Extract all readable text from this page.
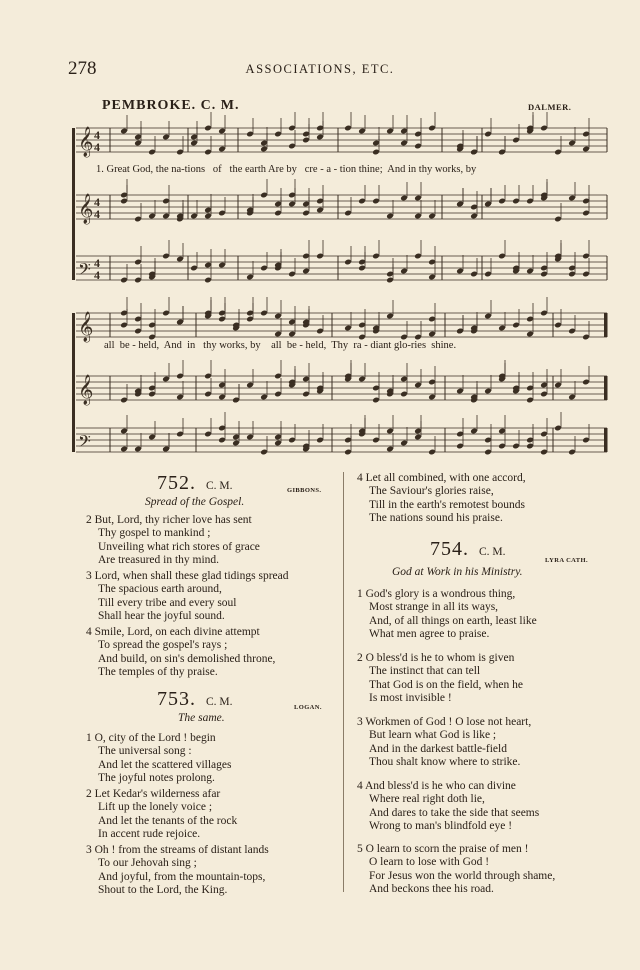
278	ASSOCIATIONS, ETC.
PEMBROKE. C. M.	DALMER.
𝄞 4
4
𝄞 4
4
𝄢 4
4
𝄞
𝄞
𝄢
1. Great God, the na-tions   of   the earth Are by   cre - a - tion thine;  And in thy works, by
all  be - held,  And  in   thy works, by    all  be - held,  Thy  ra - diant glo-ries  shine.
752. C. M.	GIBBONS.
Spread of the Gospel.
2 But, Lord, thy richer love has sent
Thy gospel to mankind ;
Unveiling what rich stores of grace
Are treasured in thy mind.
3 Lord, when shall these glad tidings spread
The spacious earth around,
Till every tribe and every soul
Shall hear the joyful sound.
4 Smile, Lord, on each divine attempt
To spread the gospel's rays ;
And build, on sin's demolished throne,
The temples of thy praise.
753. C. M.	LOGAN.
The same.
1 O, city of the Lord ! begin
The universal song :
And let the scattered villages
The joyful notes prolong.
2 Let Kedar's wilderness afar
Lift up the lonely voice ;
And let the tenants of the rock
In accent rude rejoice.
3 Oh ! from the streams of distant lands
To our Jehovah sing ;
And joyful, from the mountain-tops,
Shout to the Lord, the King.
4 Let all combined, with one accord,
The Saviour's glories raise,
Till in the earth's remotest bounds
The nations sound his praise.
754. C. M.
LYRA CATH.
God at Work in his Ministry.
1 God's glory is a wondrous thing,
Most strange in all its ways,
And, of all things on earth, least like
What men agree to praise.
2 O bless'd is he to whom is given
The instinct that can tell
That God is on the field, when he
Is most invisible !
3 Workmen of God ! O lose not heart,
But learn what God is like ;
And in the darkest battle-field
Thou shalt know where to strike.
4 And bless'd is he who can divine
Where real right doth lie,
And dares to take the side that seems
Wrong to man's blindfold eye !
5 O learn to scorn the praise of men !
O learn to lose with God !
For Jesus won the world through shame,
And beckons thee his road.
